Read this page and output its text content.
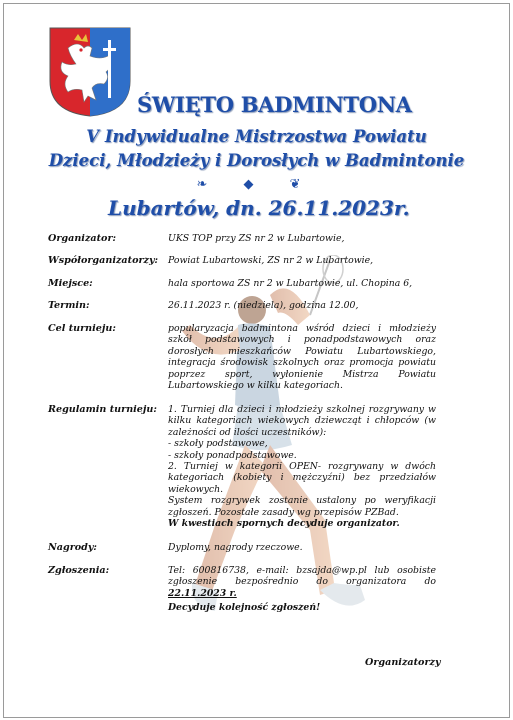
ŚWIĘTO BADMINTONA
V Indywidualne Mistrzostwa Powiatu
Dzieci, Młodzieży i Dorosłych w Badmintonie
❧ ◆ ❦
Lubartów, dn. 26.11.2023r.
Organizator:	UKS TOP przy ZS nr 2 w Lubartowie,
Współorganizatorzy: Powiat Lubartowski, ZS nr 2 w Lubartowie,
Miejsce:	hala sportowa ZS nr 2 w Lubartowie, ul. Chopina 6,
Termin:	26.11.2023 r. (niedziela), godzina 12.00,
Cel turnieju:	popularyzacja badmintona wśród dzieci i młodzieży szkół podstawowych i ponadpodstawowych oraz dorosłych mieszkańców Powiatu Lubartowskiego, integracja środowisk szkolnych oraz promocja powiatu poprzez sport, wyłonienie Mistrza Powiatu Lubartowskiego w kilku kategoriach.
Regulamin turnieju: 1. Turniej dla dzieci i młodzieży szkolnej rozgrywany w kilku kategoriach wiekowych dziewcząt i chłopców (w zależności od ilości uczestników):
- szkoły podstawowe,
- szkoły ponadpodstawowe.
2. Turniej w kategorii OPEN- rozgrywany w dwóch kategoriach (kobiety i mężczyźni) bez przedziałów wiekowych.
System rozgrywek zostanie ustalony po weryfikacji zgłoszeń. Pozostałe zasady wg przepisów PZBad.
W kwestiach spornych decyduje organizator.
Nagrody:	Dyplomy, nagrody rzeczowe.
Zgłoszenia:	Tel: 600816738, e-mail: bzsajda@wp.pl lub osobiste zgłoszenie bezpośrednio do organizatora do 22.11.2023 r.
Decyduje kolejność zgłoszeń!
Organizatorzy
